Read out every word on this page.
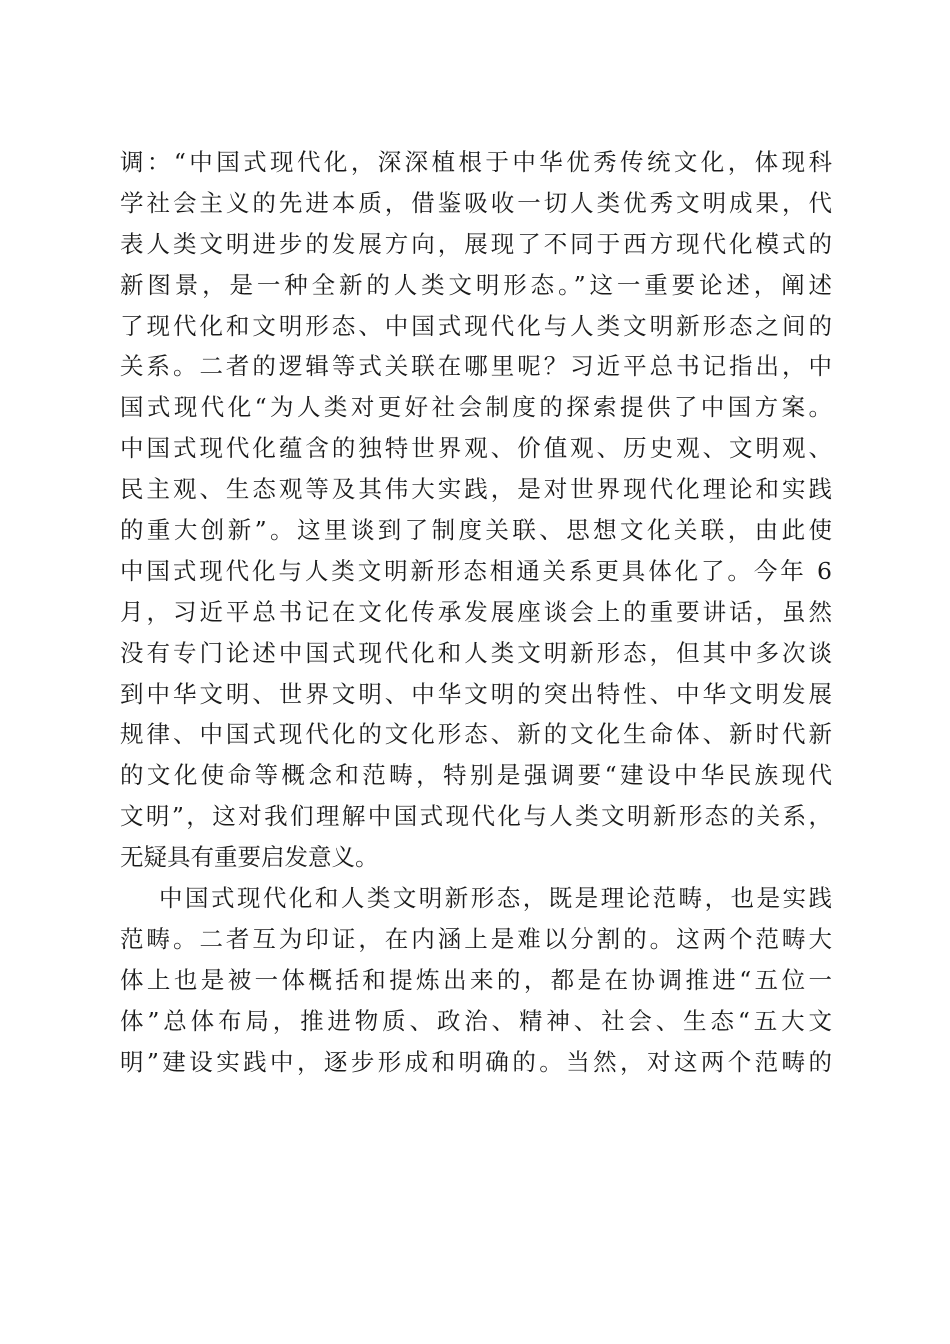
调：“中国式现代化，深深植根于中华优秀传统文化，体现科
学社会主义的先进本质，借鉴吸收一切人类优秀文明成果，代
表人类文明进步的发展方向，展现了不同于西方现代化模式的
新图景，是一种全新的人类文明形态。”这一重要论述，阐述
了现代化和文明形态、中国式现代化与人类文明新形态之间的
关系。二者的逻辑等式关联在哪里呢？习近平总书记指出，中
国式现代化“为人类对更好社会制度的探索提供了中国方案。
中国式现代化蕴含的独特世界观、价值观、历史观、文明观、
民主观、生态观等及其伟大实践，是对世界现代化理论和实践
的重大创新”。这里谈到了制度关联、思想文化关联，由此使
中国式现代化与人类文明新形态相通关系更具体化了。今年 6
月，习近平总书记在文化传承发展座谈会上的重要讲话，虽然
没有专门论述中国式现代化和人类文明新形态，但其中多次谈
到中华文明、世界文明、中华文明的突出特性、中华文明发展
规律、中国式现代化的文化形态、新的文化生命体、新时代新
的文化使命等概念和范畴，特别是强调要“建设中华民族现代
文明”，这对我们理解中国式现代化与人类文明新形态的关系，
无疑具有重要启发意义。
中国式现代化和人类文明新形态，既是理论范畴，也是实践
范畴。二者互为印证，在内涵上是难以分割的。这两个范畴大
体上也是被一体概括和提炼出来的，都是在协调推进“五位一
体”总体布局，推进物质、政治、精神、社会、生态“五大文
明”建设实践中，逐步形成和明确的。当然，对这两个范畴的
